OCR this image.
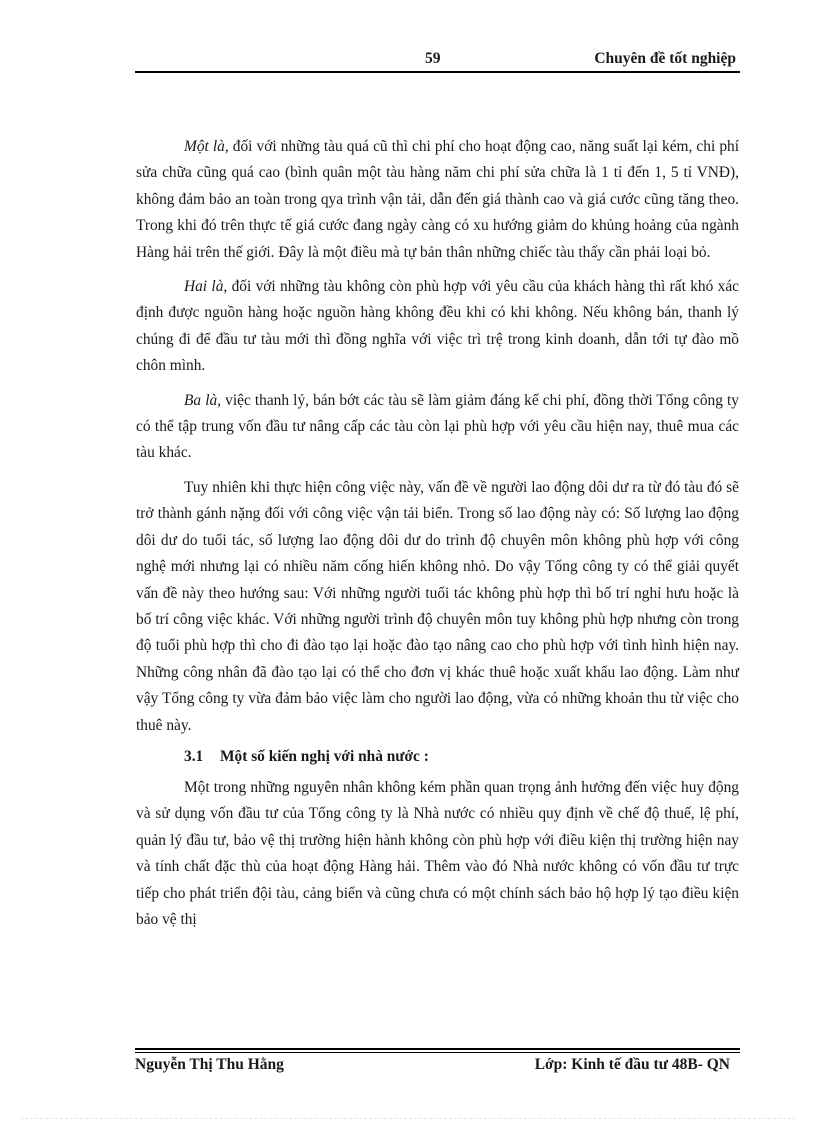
59	Chuyên đề tốt nghiệp

Một là, đối với những tàu quá cũ thì chi phí cho hoạt động cao, năng suất lại kém, chi phí sửa chữa cũng quá cao (bình quân một tàu hàng năm chi phí sửa chữa là 1 tỉ đến 1, 5 tỉ VNĐ), không đảm bảo an toàn trong qya trình vận tải, dẫn đến giá thành cao và giá cước cũng tăng theo. Trong khi đó trên thực tế giá cước đang ngày càng có xu hướng giảm do khủng hoảng của ngành Hàng hải trên thế giới. Đây là một điều mà tự bản thân những chiếc tàu thấy cần phải loại bỏ.

Hai là, đối với những tàu không còn phù hợp với yêu cầu của khách hàng thì rất khó xác định được nguồn hàng hoặc nguồn hàng không đều khi có khi không. Nếu không bán, thanh lý chúng đi để đầu tư tàu mới thì đồng nghĩa với việc trì trệ trong kinh doanh, dẫn tới tự đào mồ chôn mình.

Ba là, việc thanh lý, bán bớt các tàu sẽ làm giảm đáng kể chi phí, đồng thời Tổng công ty có thể tập trung vốn đầu tư nâng cấp các tàu còn lại phù hợp với yêu cầu hiện nay, thuê mua các tàu khác.

Tuy nhiên khi thực hiện công việc này, vấn đề về người lao động dôi dư ra từ đó tàu đó sẽ trở thành gánh nặng đối với công việc vận tải biển. Trong số lao động này có: Số lượng lao động dôi dư do tuổi tác, số lượng lao động dôi dư do trình độ chuyên môn không phù hợp với công nghệ mới nhưng lại có nhiều năm cống hiến không nhỏ. Do vậy Tổng công ty có thể giải quyết vấn đề này theo hướng sau: Với những người tuổi tác không phù hợp thì bố trí nghỉ hưu hoặc là bố trí công việc khác. Với những người trình độ chuyên môn tuy không phù hợp nhưng còn trong độ tuổi phù hợp thì cho đi đào tạo lại hoặc đào tạo nâng cao cho phù hợp với tình hình hiện nay. Những công nhân đã đào tạo lại có thể cho đơn vị khác thuê hoặc xuất khẩu lao động. Làm như vậy Tổng công ty vừa đảm bảo việc làm cho người lao động, vừa có những khoản thu từ việc cho thuê này.

3.1 Một số kiến nghị với nhà nước :

Một trong những nguyên nhân không kém phần quan trọng ảnh hưởng đến việc huy động và sử dụng vốn đầu tư của Tổng công ty là Nhà nước có nhiều quy định về chế độ thuế, lệ phí, quản lý đầu tư, bảo vệ thị trường hiện hành không còn phù hợp với điều kiện thị trường hiện nay và tính chất đặc thù của hoạt động Hàng hải. Thêm vào đó Nhà nước không có vốn đầu tư trực tiếp cho phát triển đội tàu, cảng biển và cũng chưa có một chính sách bảo hộ hợp lý tạo điều kiện bảo vệ thị

Nguyễn Thị Thu Hằng	Lớp: Kinh tế đầu tư 48B- QN
